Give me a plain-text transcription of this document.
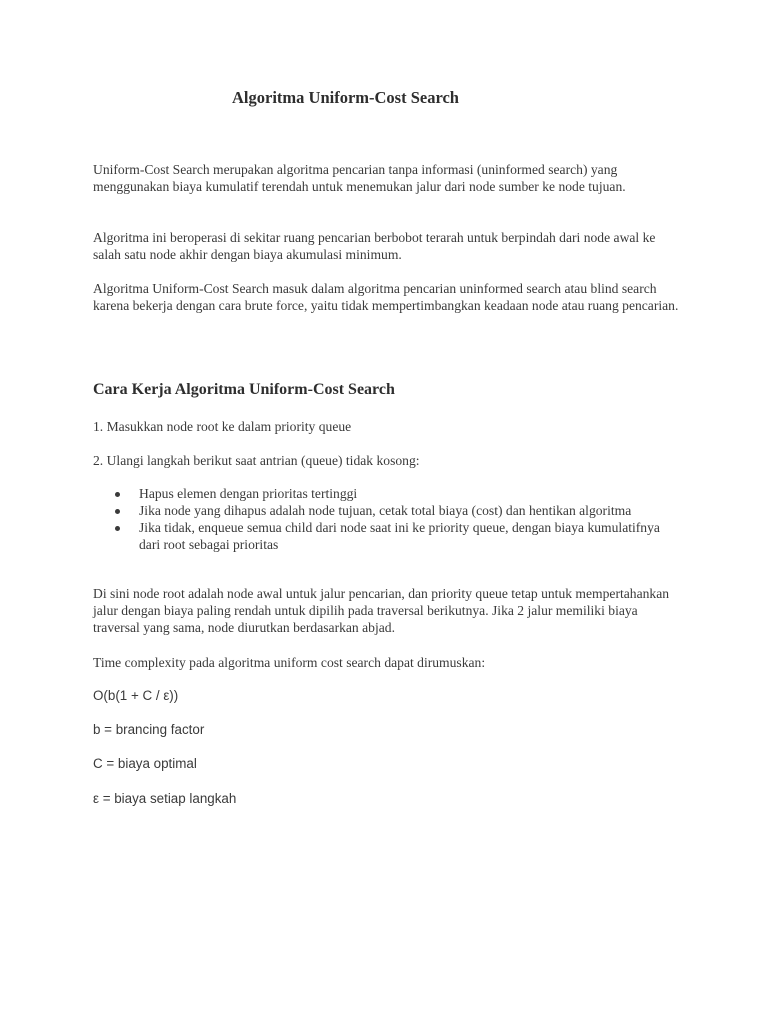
Algoritma Uniform-Cost Search

Uniform-Cost Search merupakan algoritma pencarian tanpa informasi (uninformed search) yang menggunakan biaya kumulatif terendah untuk menemukan jalur dari node sumber ke node tujuan.

Algoritma ini beroperasi di sekitar ruang pencarian berbobot terarah untuk berpindah dari node awal ke salah satu node akhir dengan biaya akumulasi minimum.

Algoritma Uniform-Cost Search masuk dalam algoritma pencarian uninformed search atau blind search karena bekerja dengan cara brute force, yaitu tidak mempertimbangkan keadaan node atau ruang pencarian.

Cara Kerja Algoritma Uniform-Cost Search

1. Masukkan node root ke dalam priority queue

2. Ulangi langkah berikut saat antrian (queue) tidak kosong:

Hapus elemen dengan prioritas tertinggi
Jika node yang dihapus adalah node tujuan, cetak total biaya (cost) dan hentikan algoritma
Jika tidak, enqueue semua child dari node saat ini ke priority queue, dengan biaya kumulatifnya dari root sebagai prioritas

Di sini node root adalah node awal untuk jalur pencarian, dan priority queue tetap untuk mempertahankan jalur dengan biaya paling rendah untuk dipilih pada traversal berikutnya. Jika 2 jalur memiliki biaya traversal yang sama, node diurutkan berdasarkan abjad.

Time complexity pada algoritma uniform cost search dapat dirumuskan:

O(b(1 + C / ε))

b = brancing factor

C = biaya optimal

ε = biaya setiap langkah
